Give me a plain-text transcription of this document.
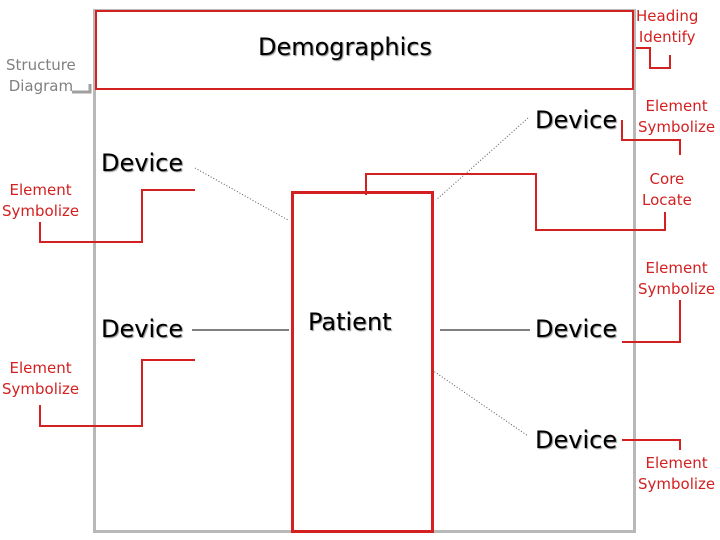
Structure
Diagram
Demographics
Patient
Device
Device
Device	Device
Device
Heading
Identify
Element
Symbolize
Element
Symbolize
Core
Locate
Element
Symbolize
Element
Symbolize
Element
Symbolize
